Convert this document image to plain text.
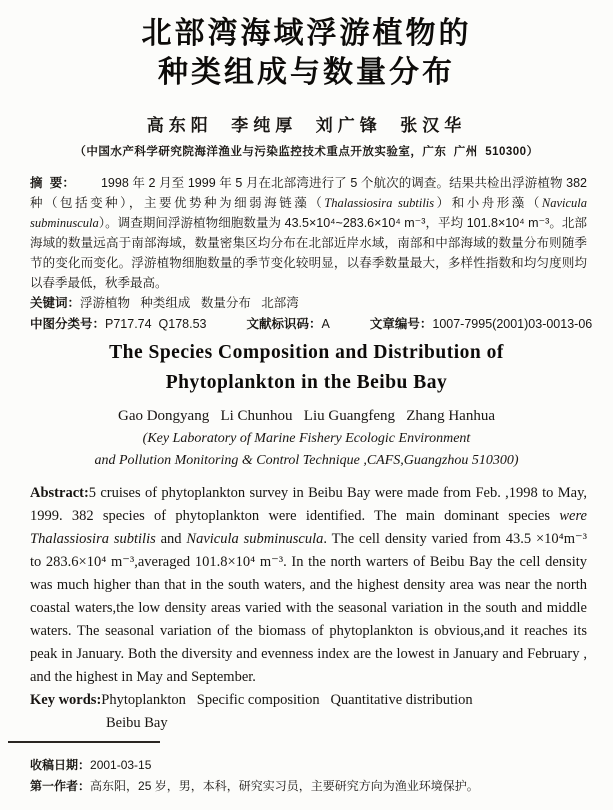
北部湾海域浮游植物的
种类组成与数量分布
高东阳  李纯厚  刘广锋  张汉华
（中国水产科学研究院海洋渔业与污染监控技术重点开放实验室，广东  广州  510300）

摘  要： 1998 年 2 月至 1999 年 5 月在北部湾进行了 5 个航次的调查。结果共检出浮游植物 382 种（包括变种），主要优势种为细弱海链藻（Thalassiosira subtilis）和小舟形藻（Navicula subminuscula）。调查期间浮游植物细胞数量为 43.5×10⁴~283.6×10⁴ m⁻³，平均 101.8×10⁴ m⁻³。北部海域的数量远高于南部海域，数量密集区均分布在北部近岸水域，南部和中部海域的数量分布则随季节的变化而变化。浮游植物细胞数量的季节变化较明显，以春季数量最大，多样性指数和均匀度则均以春季最低，秋季最高。

关键词：浮游植物   种类组成   数量分布   北部湾

中图分类号：P717.74  Q178.53	文献标识码：A	文章编号：1007-7995(2001)03-0013-06

The Species Composition and Distribution of
Phytoplankton in the Beibu Bay
Gao Dongyang   Li Chunhou   Liu Guangfeng   Zhang Hanhua
(Key Laboratory of Marine Fishery Ecologic Environment
and Pollution Monitoring & Control Technique ,CAFS,Guangzhou 510300)

Abstract:5 cruises of phytoplankton survey in Beibu Bay were made from Feb. ,1998 to May, 1999. 382 species of phytoplankton were identified. The main dominant species were Thalassiosira subtilis and Navicula subminuscula. The cell density varied from 43.5 ×10⁴m⁻³ to 283.6×10⁴ m⁻³,averaged 101.8×10⁴ m⁻³. In the north warters of Beibu Bay the cell density was much higher than that in the south waters, and the highest density area was near the north coastal waters,the low density areas varied with the seasonal variation in the south and middle waters. The seasonal variation of the biomass of phytoplankton is obvious,and it reaches its peak in January. Both the diversity and evenness index are the lowest in January and February , and the highest in May and September.

Key words:Phytoplankton   Specific composition   Quantitative distribution

Beibu Bay

收稿日期：2001-03-15

第一作者：高东阳，25 岁，男，本科，研究实习员，主要研究方向为渔业环境保护。
